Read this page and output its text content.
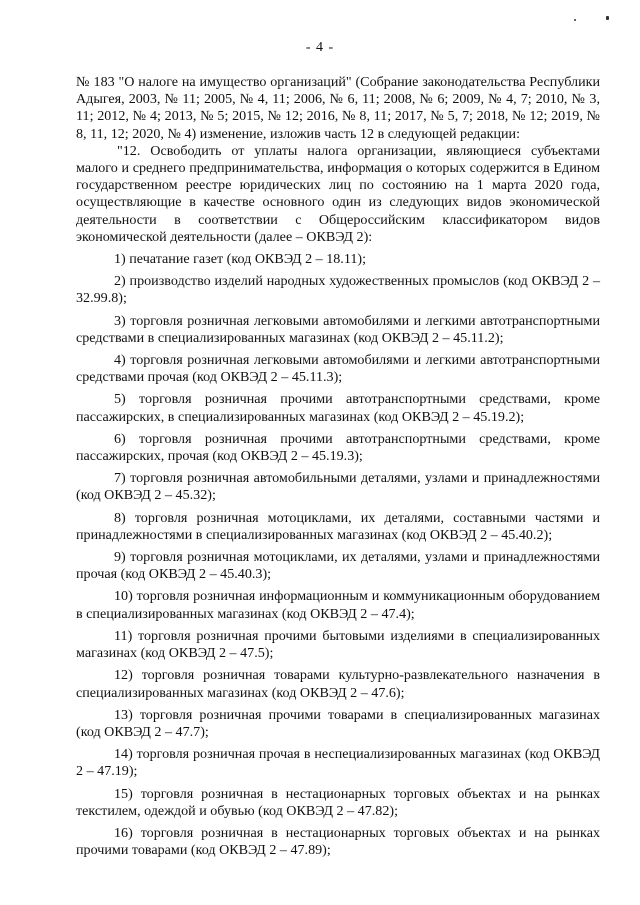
- 4 -

№ 183 "О налоге на имущество организаций" (Собрание законодательства Республики Адыгея, 2003, № 11; 2005, № 4, 11; 2006, № 6, 11; 2008, № 6; 2009, № 4, 7; 2010, № 3, 11; 2012, № 4; 2013, № 5; 2015, № 12; 2016, № 8, 11; 2017, № 5, 7; 2018, № 12; 2019, № 8, 11, 12; 2020, № 4) изменение, изложив часть 12 в следующей редакции:

"12. Освободить от уплаты налога организации, являющиеся субъектами малого и среднего предпринимательства, информация о которых содержится в Едином государственном реестре юридических лиц по состоянию на 1 марта 2020 года, осуществляющие в качестве основного один из следующих видов экономической деятельности в соответствии с Общероссийским классификатором видов экономической деятельности (далее – ОКВЭД 2):

1) печатание газет (код ОКВЭД 2 – 18.11);

2) производство изделий народных художественных промыслов (код ОКВЭД 2 – 32.99.8);

3) торговля розничная легковыми автомобилями и легкими автотранспортными средствами в специализированных магазинах (код ОКВЭД 2 – 45.11.2);

4) торговля розничная легковыми автомобилями и легкими автотранспортными средствами прочая (код ОКВЭД 2 – 45.11.3);

5) торговля розничная прочими автотранспортными средствами, кроме пассажирских, в специализированных магазинах (код ОКВЭД 2 – 45.19.2);

6) торговля розничная прочими автотранспортными средствами, кроме пассажирских, прочая (код ОКВЭД 2 – 45.19.3);

7) торговля розничная автомобильными деталями, узлами и принадлежностями (код ОКВЭД 2 – 45.32);

8) торговля розничная мотоциклами, их деталями, составными частями и принадлежностями в специализированных магазинах (код ОКВЭД 2 – 45.40.2);

9) торговля розничная мотоциклами, их деталями, узлами и принадлежностями прочая (код ОКВЭД 2 – 45.40.3);

10) торговля розничная информационным и коммуникационным оборудованием в специализированных магазинах (код ОКВЭД 2 – 47.4);

11) торговля розничная прочими бытовыми изделиями в специализированных магазинах (код ОКВЭД 2 – 47.5);

12) торговля розничная товарами культурно-развлекательного назначения в специализированных магазинах (код ОКВЭД 2 – 47.6);

13) торговля розничная прочими товарами в специализированных магазинах (код ОКВЭД 2 – 47.7);

14) торговля розничная прочая в неспециализированных магазинах (код ОКВЭД 2 – 47.19);

15) торговля розничная в нестационарных торговых объектах и на рынках текстилем, одеждой и обувью (код ОКВЭД 2 – 47.82);

16) торговля розничная в нестационарных торговых объектах и на рынках прочими товарами (код ОКВЭД 2 – 47.89);
